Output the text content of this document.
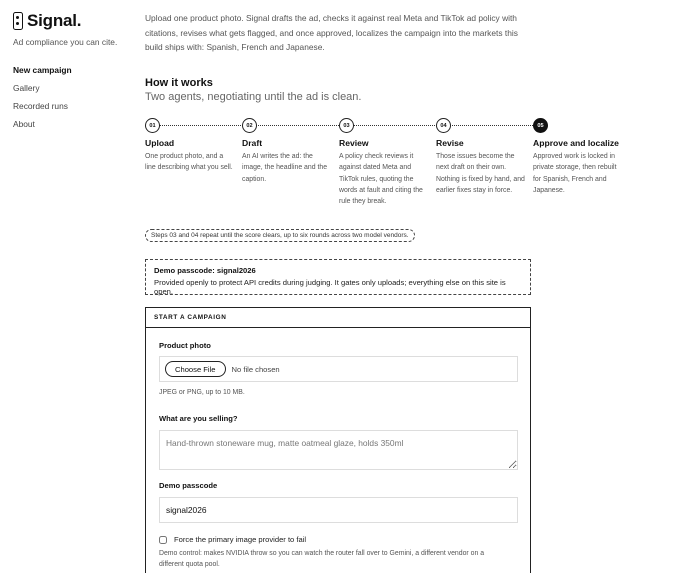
Signal.
Ad compliance you can cite.
New campaign
Gallery
Recorded runs
About

Upload one product photo. Signal drafts the ad, checks it against real Meta and TikTok ad policy with citations, revises what gets flagged, and once approved, localizes the campaign into the markets this build ships with: Spanish, French and Japanese.

How it works
Two agents, negotiating until the ad is clean.
01
Upload
One product photo, and a line describing what you sell.
02
Draft
An AI writes the ad: the image, the headline and the caption.
03
Review
A policy check reviews it against dated Meta and TikTok rules, quoting the words at fault and citing the rule they break.
04
Revise
Those issues become the next draft on their own. Nothing is fixed by hand, and earlier fixes stay in force.
05
Approve and localize
Approved work is locked in private storage, then rebuilt for Spanish, French and Japanese.
Steps 03 and 04 repeat until the score clears, up to six rounds across two model vendors.
Demo passcode: signal2026
Provided openly to protect API credits during judging. It gates only uploads; everything else on this site is open.
START A CAMPAIGN
Product photo
Choose File	No file chosen
JPEG or PNG, up to 10 MB.
What are you selling?
Hand-thrown stoneware mug, matte oatmeal glaze, holds 350ml
Demo passcode
signal2026
Force the primary image provider to fail

Demo control: makes NVIDIA throw so you can watch the router fall over to Gemini, a different vendor on a different quota pool.
